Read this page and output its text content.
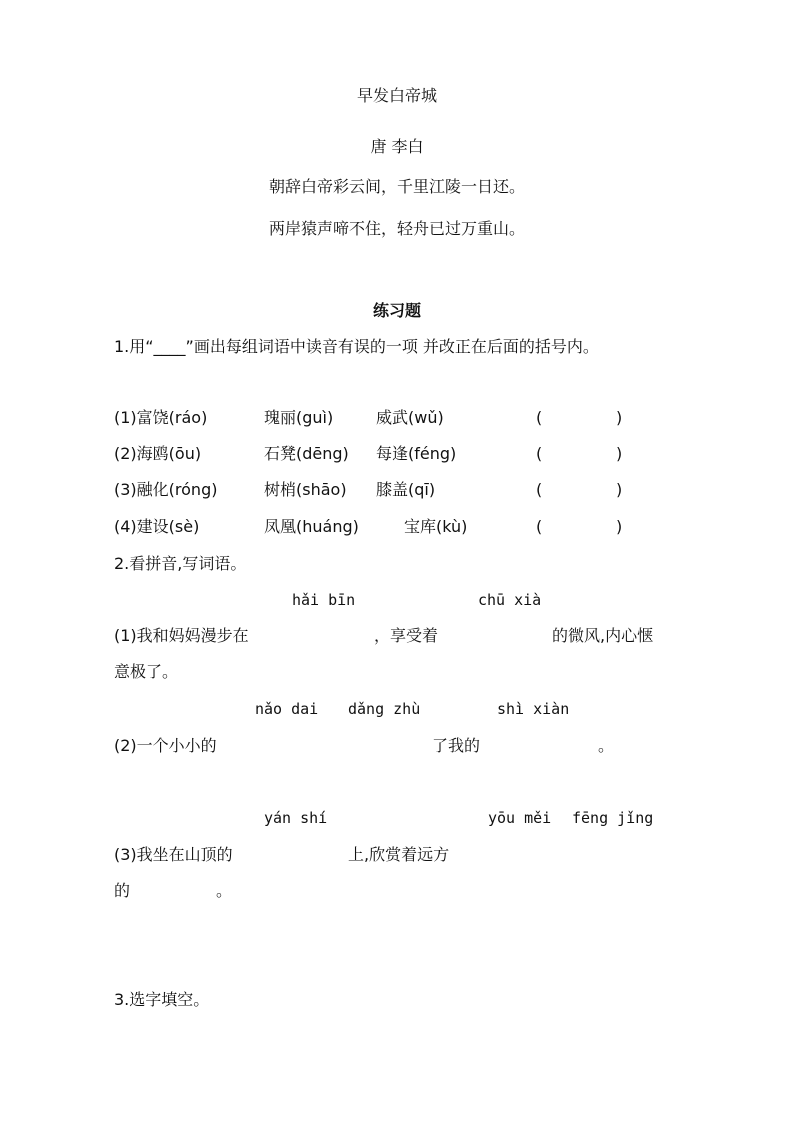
早发白帝城
唐 李白
朝辞白帝彩云间，千里江陵一日还。
两岸猿声啼不住，轻舟已过万重山。
练习题
1.用“____”画出每组词语中读音有误的一项 并改正在后面的括号内。
(1)富饶(ráo)	瑰丽(guì)	威武(wǔ)	(	)
(2)海鸥(ōu)	石凳(dēng) 每逢(féng)	(	)
(3)融化(róng)	树梢(shāo) 膝盖(qī)	(	)
(4)建设(sè)	凤凰(huáng)	宝库(kù)	(	)
2.看拼音,写词语。
hǎi bīn	chū xià
(1)我和妈妈漫步在	，享受着	的微风,内心惬
意极了。
nǎo dai dǎng zhù	shì xiàn
(2)一个小小的	了我的	。
yán shí	yōu měi fēng jǐng
(3)我坐在山顶的	上,欣赏着远方
的	。
3.选字填空。
